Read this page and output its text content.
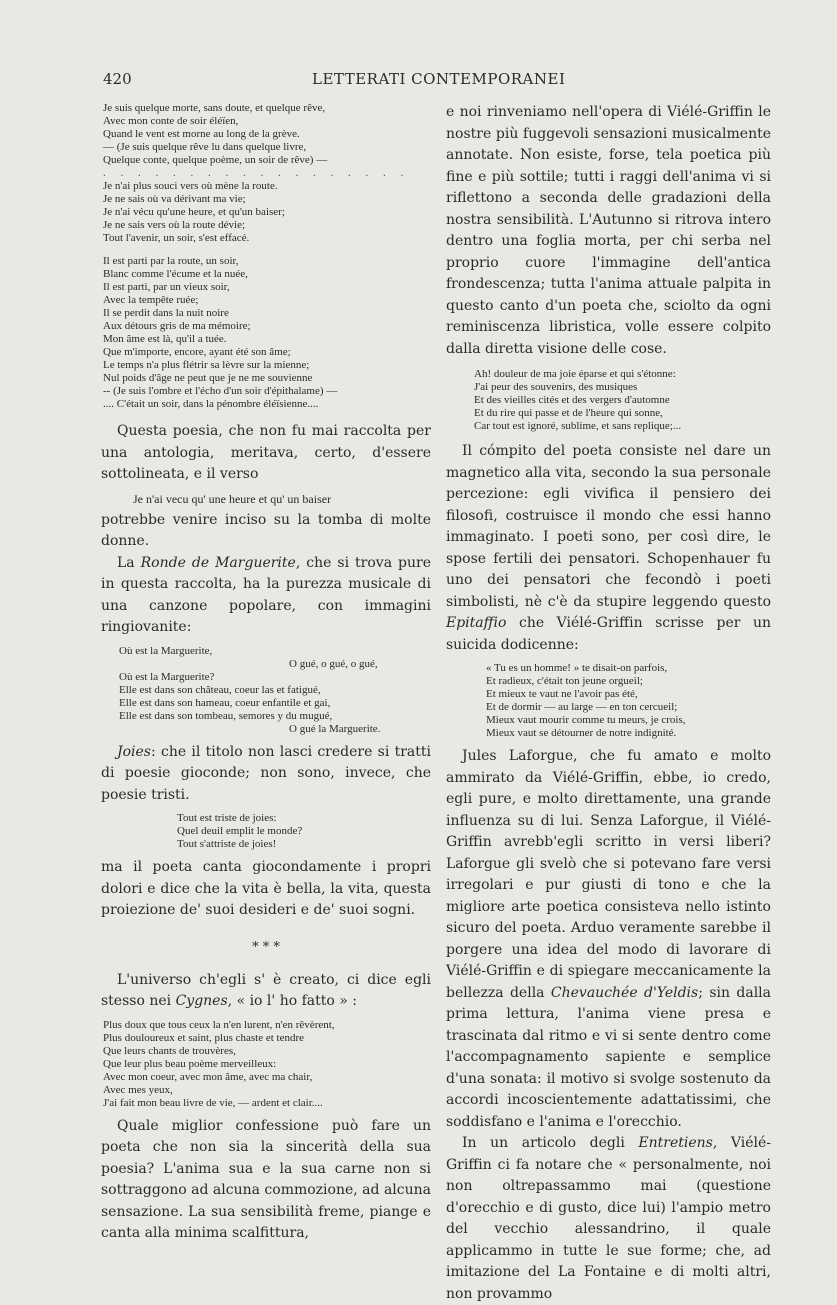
420	LETTERATI CONTEMPORANEI
Je suis quelque morte, sans doute, et quelque rêve,
Avec mon conte de soir éléïen,
Quand le vent est morne au long de la grève.
— (Je suis quelque rêve lu dans quelque livre,
Quelque conte, quelque poème, un soir de rêve) —
. . . . . . . . . . . . . . . . . .
Je n'ai plus souci vers où mène la route.
Je ne sais où va dérivant ma vie;
Je n'ai vécu qu'une heure, et qu'un baiser;
Je ne sais vers où la route dévie;
Tout l'avenir, un soir, s'est effacé.
Il est parti par la route, un soir,
Blanc comme l'écume et la nuée,
Il est parti, par un vieux soir,
Avec la tempête ruée;
Il se perdit dans la nuit noire
Aux détours gris de ma mémoire;
Mon âme est là, qu'il a tuée.
Que m'importe, encore, ayant été son âme;
Le temps n'a plus flétrir sa lèvre sur la mienne;
Nul poids d'âge ne peut que je ne me souvienne
-- (Je suis l'ombre et l'écho d'un soir d'épithalame) —
.... C'était un soir, dans la pénombre éléïsienne....

Questa poesia, che non fu mai raccolta per una antologia, meritava, certo, d'essere sottolineata, e il verso

Je n'ai vecu qu' une heure et qu' un baiser

potrebbe venire inciso su la tomba di molte donne.

La Ronde de Marguerite, che si trova pure in questa raccolta, ha la purezza musicale di una canzone popolare, con immagini ringiovanite:

Où est la Marguerite,
O gué, o gué, o gué,
Où est la Marguerite?
Elle est dans son château, coeur las et fatigué,
Elle est dans son hameau, coeur enfantile et gai,
Elle est dans son tombeau, semores y du mugué,
O gué la Marguerite.

Joies: che il titolo non lasci credere si tratti di poesie gioconde; non sono, invece, che poesie tristi.

Tout est triste de joies:
Quel deuil emplit le monde?
Tout s'attriste de joies!

ma il poeta canta giocondamente i propri dolori e dice che la vita è bella, la vita, questa proiezione de' suoi desideri e de' suoi sogni.

* * *

L'universo ch'egli s' è creato, ci dice egli stesso nei Cygnes, « io l' ho fatto » :

Plus doux que tous ceux la n'en lurent, n'en rêvèrent,
Plus douloureux et saint, plus chaste et tendre
Que leurs chants de trouvères,
Que leur plus beau poème merveilleux:
Avec mon coeur, avec mon âme, avec ma chair,
Avec mes yeux,
J'ai fait mon beau livre de vie, — ardent et clair....

Quale miglior confessione può fare un poeta che non sia la sincerità della sua poesia? L'anima sua e la sua carne non si sottraggono ad alcuna commozione, ad alcuna sensazione. La sua sensibilità freme, piange e canta alla minima scalfittura,

e noi rinveniamo nell'opera di Viélé-Griffin le nostre più fuggevoli sensazioni musicalmente annotate. Non esiste, forse, tela poetica più fine e più sottile; tutti i raggi dell'anima vi si riflettono a seconda delle gradazioni della nostra sensibilità. L'Autunno si ritrova intero dentro una foglia morta, per chi serba nel proprio cuore l'immagine dell'antica frondescenza; tutta l'anima attuale palpita in questo canto d'un poeta che, sciolto da ogni reminiscenza libristica, volle essere colpito dalla diretta visione delle cose.

Ah! douleur de ma joie éparse et qui s'étonne:
J'ai peur des souvenirs, des musiques
Et des vieilles cités et des vergers d'automne
Et du rire qui passe et de l'heure qui sonne,
Car tout est ignoré, sublime, et sans replique;...

Il cómpito del poeta consiste nel dare un magnetico alla vita, secondo la sua personale percezione: egli vivifica il pensiero dei filosofi, costruisce il mondo che essi hanno immaginato. I poeti sono, per così dire, le spose fertili dei pensatori. Schopenhauer fu uno dei pensatori che fecondò i poeti simbolisti, nè c'è da stupire leggendo questo Epitaffio che Viélé-Griffin scrisse per un suicida dodicenne:

« Tu es un homme! » te disait-on parfois,
Et radieux, c'était ton jeune orgueil;
Et mieux te vaut ne l'avoir pas été,
Et de dormir — au large — en ton cercueil;
Mieux vaut mourir comme tu meurs, je crois,
Mieux vaut se détourner de notre indignité.

Jules Laforgue, che fu amato e molto ammirato da Viélé-Griffin, ebbe, io credo, egli pure, e molto direttamente, una grande influenza su di lui. Senza Laforgue, il Viélé-Griffin avrebb'egli scritto in versi liberi? Laforgue gli svelò che si potevano fare versi irregolari e pur giusti di tono e che la migliore arte poetica consisteva nello istinto sicuro del poeta. Arduo veramente sarebbe il porgere una idea del modo di lavorare di Viélé-Griffin e di spiegare meccanicamente la bellezza della Chevauchée d'Yeldis; sin dalla prima lettura, l'anima viene presa e trascinata dal ritmo e vi si sente dentro come l'accompagnamento sapiente e semplice d'una sonata: il motivo si svolge sostenuto da accordi incoscientemente adattatissimi, che soddisfano e l'anima e l'orecchio.

In un articolo degli Entretiens, Viélé-Griffin ci fa notare che « personalmente, noi non oltrepassammo mai (questione d'orecchio e di gusto, dice lui) l'ampio metro del vecchio alessandrino, il quale applicammo in tutte le sue forme; che, ad imitazione del La Fontaine e di molti altri, non provammo
